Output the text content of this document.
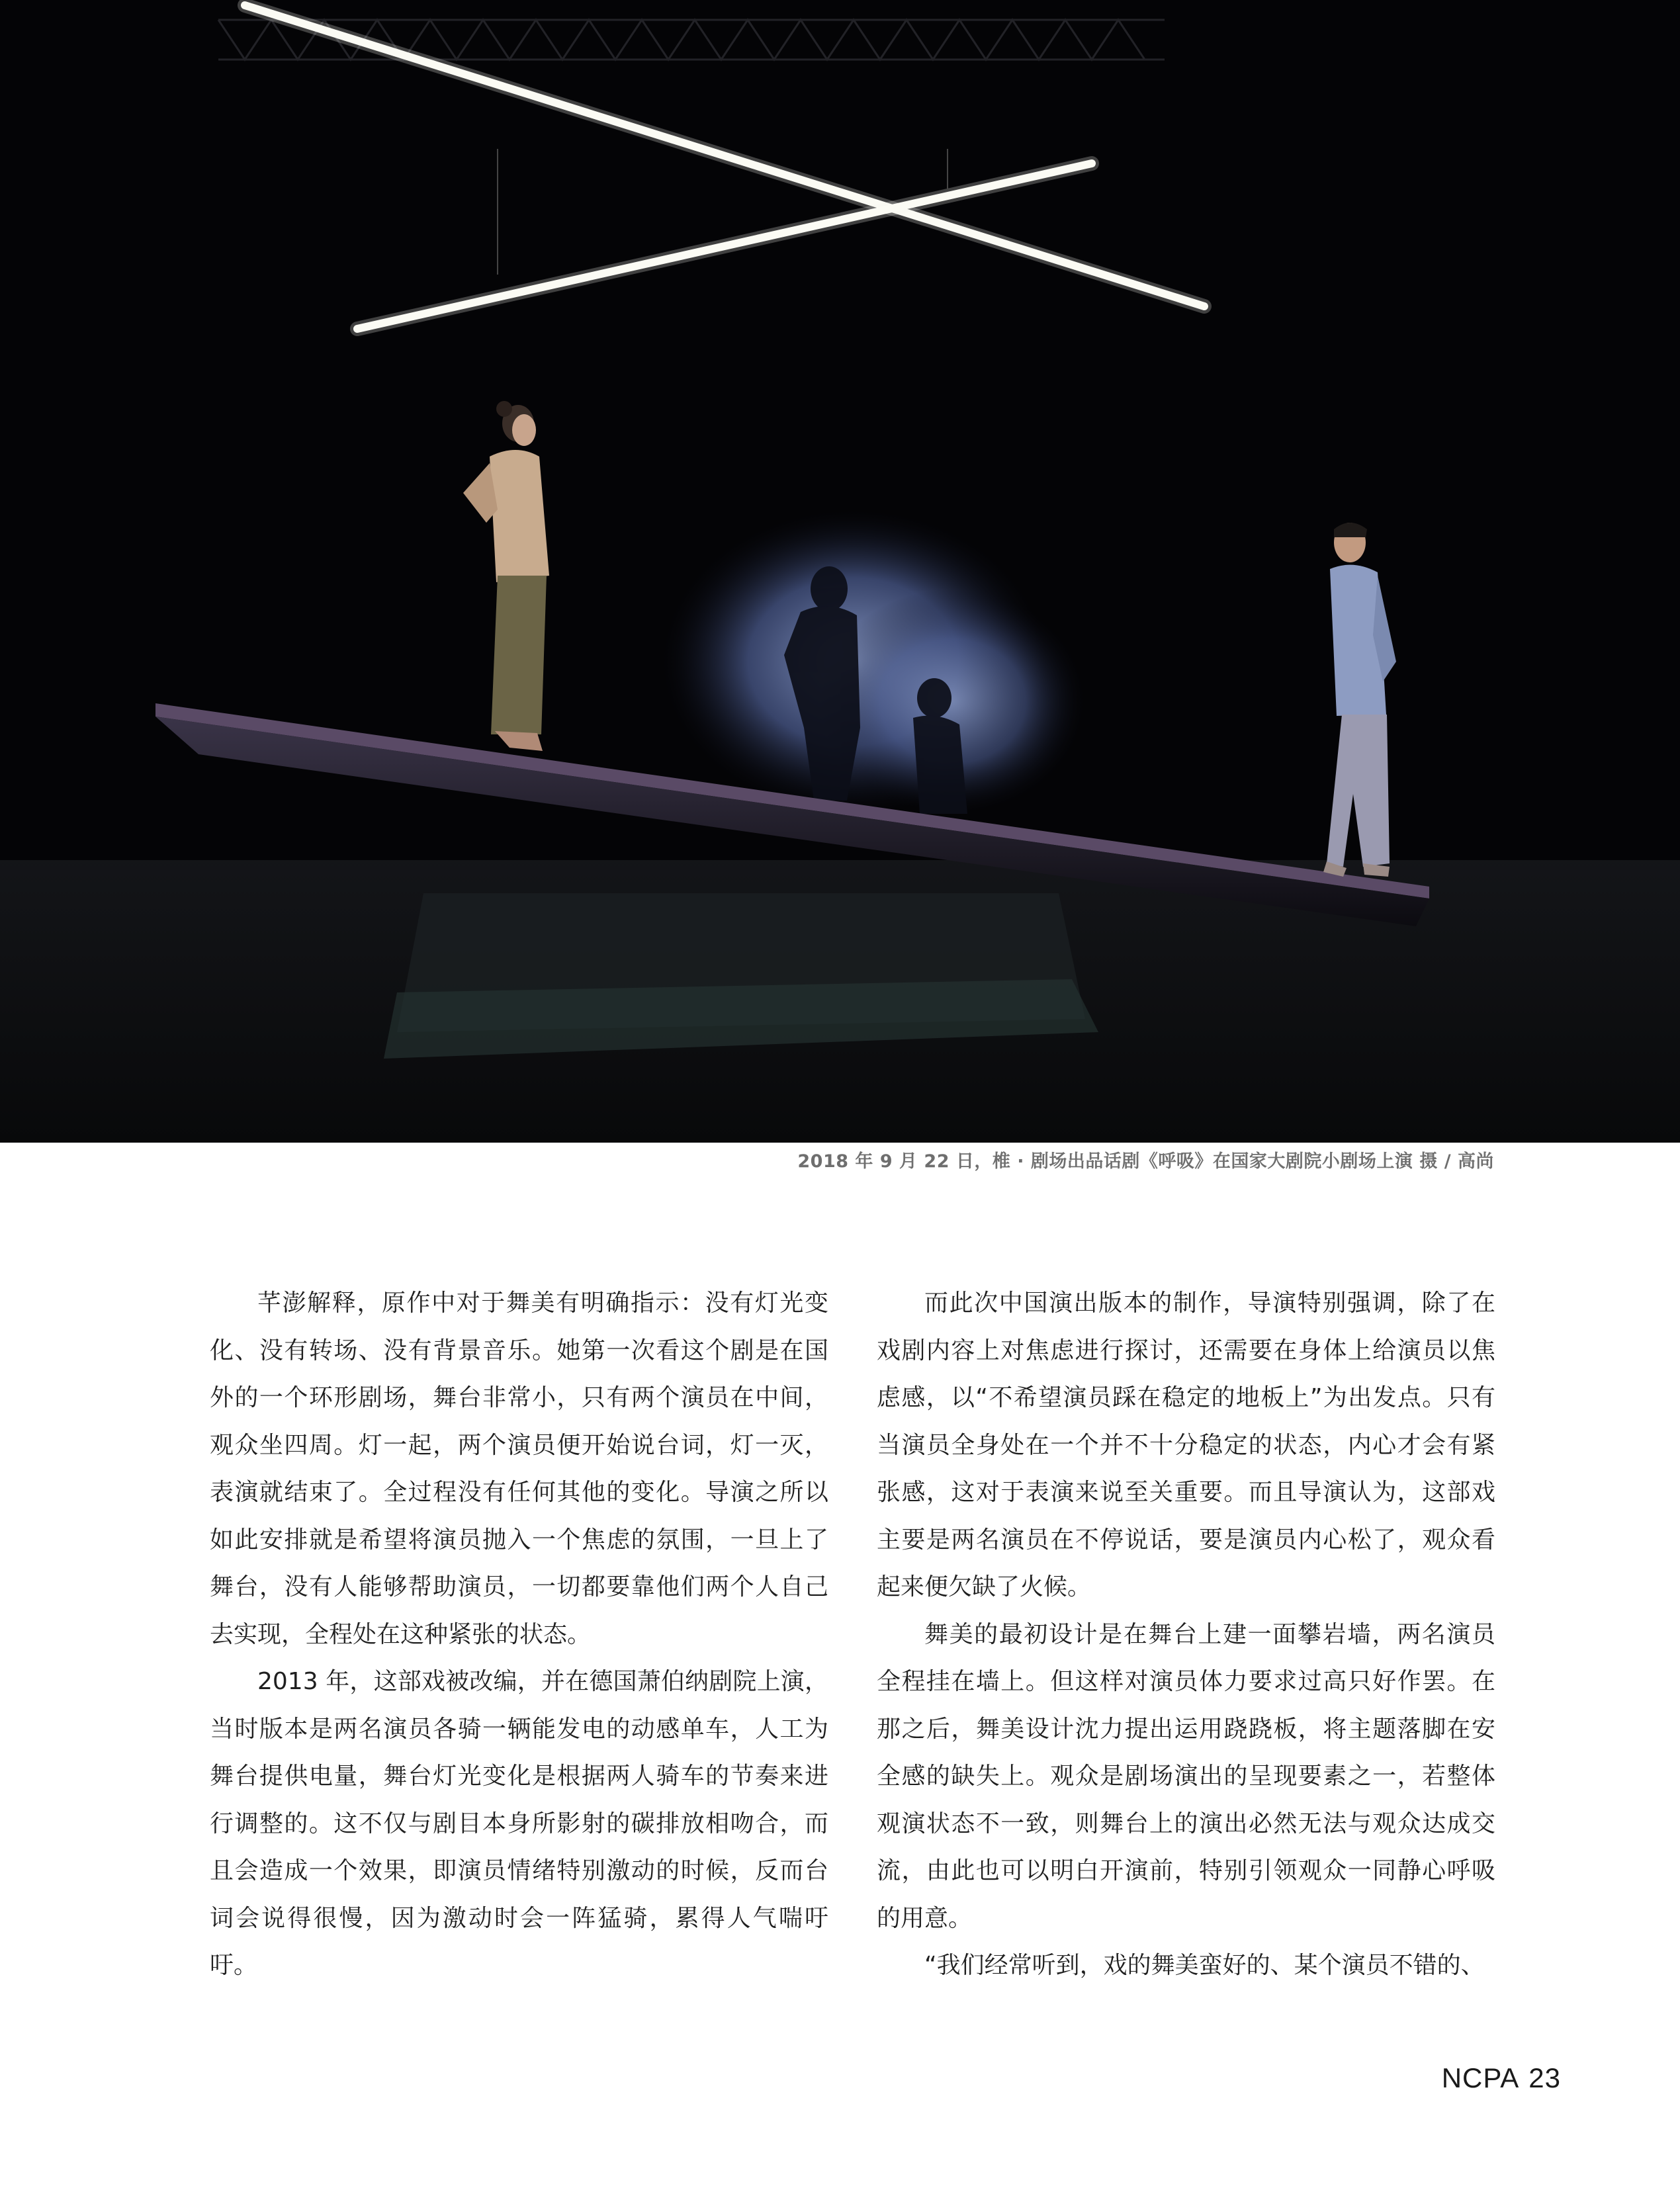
2018 年 9 月 22 日，椎 · 剧场出品话剧《呼吸》在国家大剧院小剧场上演 摄 / 高尚

芊澎解释，原作中对于舞美有明确指示：没有灯光变化、没有转场、没有背景音乐。她第一次看这个剧是在国外的一个环形剧场，舞台非常小，只有两个演员在中间，观众坐四周。灯一起，两个演员便开始说台词，灯一灭，表演就结束了。全过程没有任何其他的变化。导演之所以如此安排就是希望将演员抛入一个焦虑的氛围，一旦上了舞台，没有人能够帮助演员，一切都要靠他们两个人自己去实现，全程处在这种紧张的状态。

2013 年，这部戏被改编，并在德国萧伯纳剧院上演，当时版本是两名演员各骑一辆能发电的动感单车，人工为舞台提供电量，舞台灯光变化是根据两人骑车的节奏来进行调整的。这不仅与剧目本身所影射的碳排放相吻合，而且会造成一个效果，即演员情绪特别激动的时候，反而台词会说得很慢，因为激动时会一阵猛骑，累得人气喘吁吁。

而此次中国演出版本的制作，导演特别强调，除了在戏剧内容上对焦虑进行探讨，还需要在身体上给演员以焦虑感，以“不希望演员踩在稳定的地板上”为出发点。只有当演员全身处在一个并不十分稳定的状态，内心才会有紧张感，这对于表演来说至关重要。而且导演认为，这部戏主要是两名演员在不停说话，要是演员内心松了，观众看起来便欠缺了火候。

舞美的最初设计是在舞台上建一面攀岩墙，两名演员全程挂在墙上。但这样对演员体力要求过高只好作罢。在那之后，舞美设计沈力提出运用跷跷板，将主题落脚在安全感的缺失上。观众是剧场演出的呈现要素之一，若整体观演状态不一致，则舞台上的演出必然无法与观众达成交流，由此也可以明白开演前，特别引领观众一同静心呼吸的用意。

“我们经常听到，戏的舞美蛮好的、某个演员不错的、

NCPA 23
